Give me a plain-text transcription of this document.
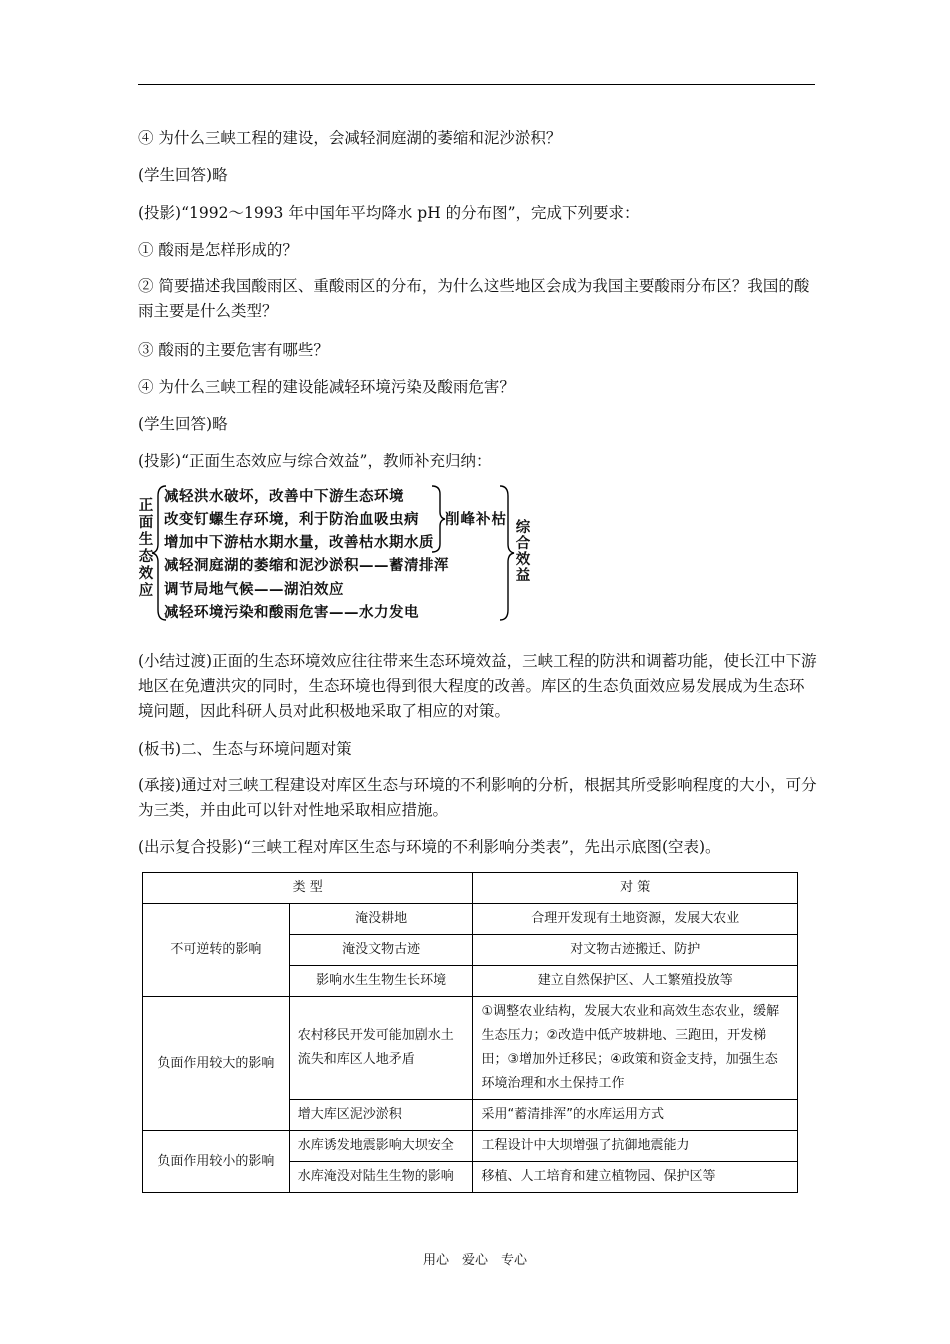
④ 为什么三峡工程的建设，会减轻洞庭湖的萎缩和泥沙淤积？

(学生回答)略

(投影)“1992～1993 年中国年平均降水 pH 的分布图”，完成下列要求：

① 酸雨是怎样形成的？

② 简要描述我国酸雨区、重酸雨区的分布，为什么这些地区会成为我国主要酸雨分布区？我国的酸雨主要是什么类型？

③ 酸雨的主要危害有哪些？

④ 为什么三峡工程的建设能减轻环境污染及酸雨危害？

(学生回答)略

(投影)“正面生态效应与综合效益”，教师补充归纳：

正面生态效应
减轻洪水破坏，改善中下游生态环境
改变钉螺生存环境，利于防治血吸虫病
增加中下游枯水期水量，改善枯水期水质
减轻洞庭湖的萎缩和泥沙淤积——蓄清排浑
调节局地气候——湖泊效应
减轻环境污染和酸雨危害——水力发电
削峰补枯 综合效益

(小结过渡)正面的生态环境效应往往带来生态环境效益，三峡工程的防洪和调蓄功能，使长江中下游地区在免遭洪灾的同时，生态环境也得到很大程度的改善。库区的生态负面效应易发展成为生态环境问题，因此科研人员对此积极地采取了相应的对策。

(板书)二、生态与环境问题对策

(承接)通过对三峡工程建设对库区生态与环境的不利影响的分析，根据其所受影响程度的大小，可分为三类，并由此可以针对性地采取相应措施。

(出示复合投影)“三峡工程对库区生态与环境的不利影响分类表”，先出示底图(空表)。

类 型		对 策
不可逆转的影响	淹没耕地	合理开发现有土地资源，发展大农业
	淹没文物古迹	对文物古迹搬迁、防护
	影响水生生物生长环境	建立自然保护区、人工繁殖投放等
负面作用较大的影响	农村移民开发可能加剧水土流失和库区人地矛盾	①调整农业结构，发展大农业和高效生态农业，缓解生态压力；②改造中低产坡耕地、三跑田，开发梯田；③增加外迁移民；④政策和资金支持，加强生态环境治理和水土保持工作
	增大库区泥沙淤积	采用“蓄清排浑”的水库运用方式
负面作用较小的影响	水库诱发地震影响大坝安全	工程设计中大坝增强了抗御地震能力
	水库淹没对陆生生物的影响	移植、人工培育和建立植物园、保护区等
用心　爱心　专心
